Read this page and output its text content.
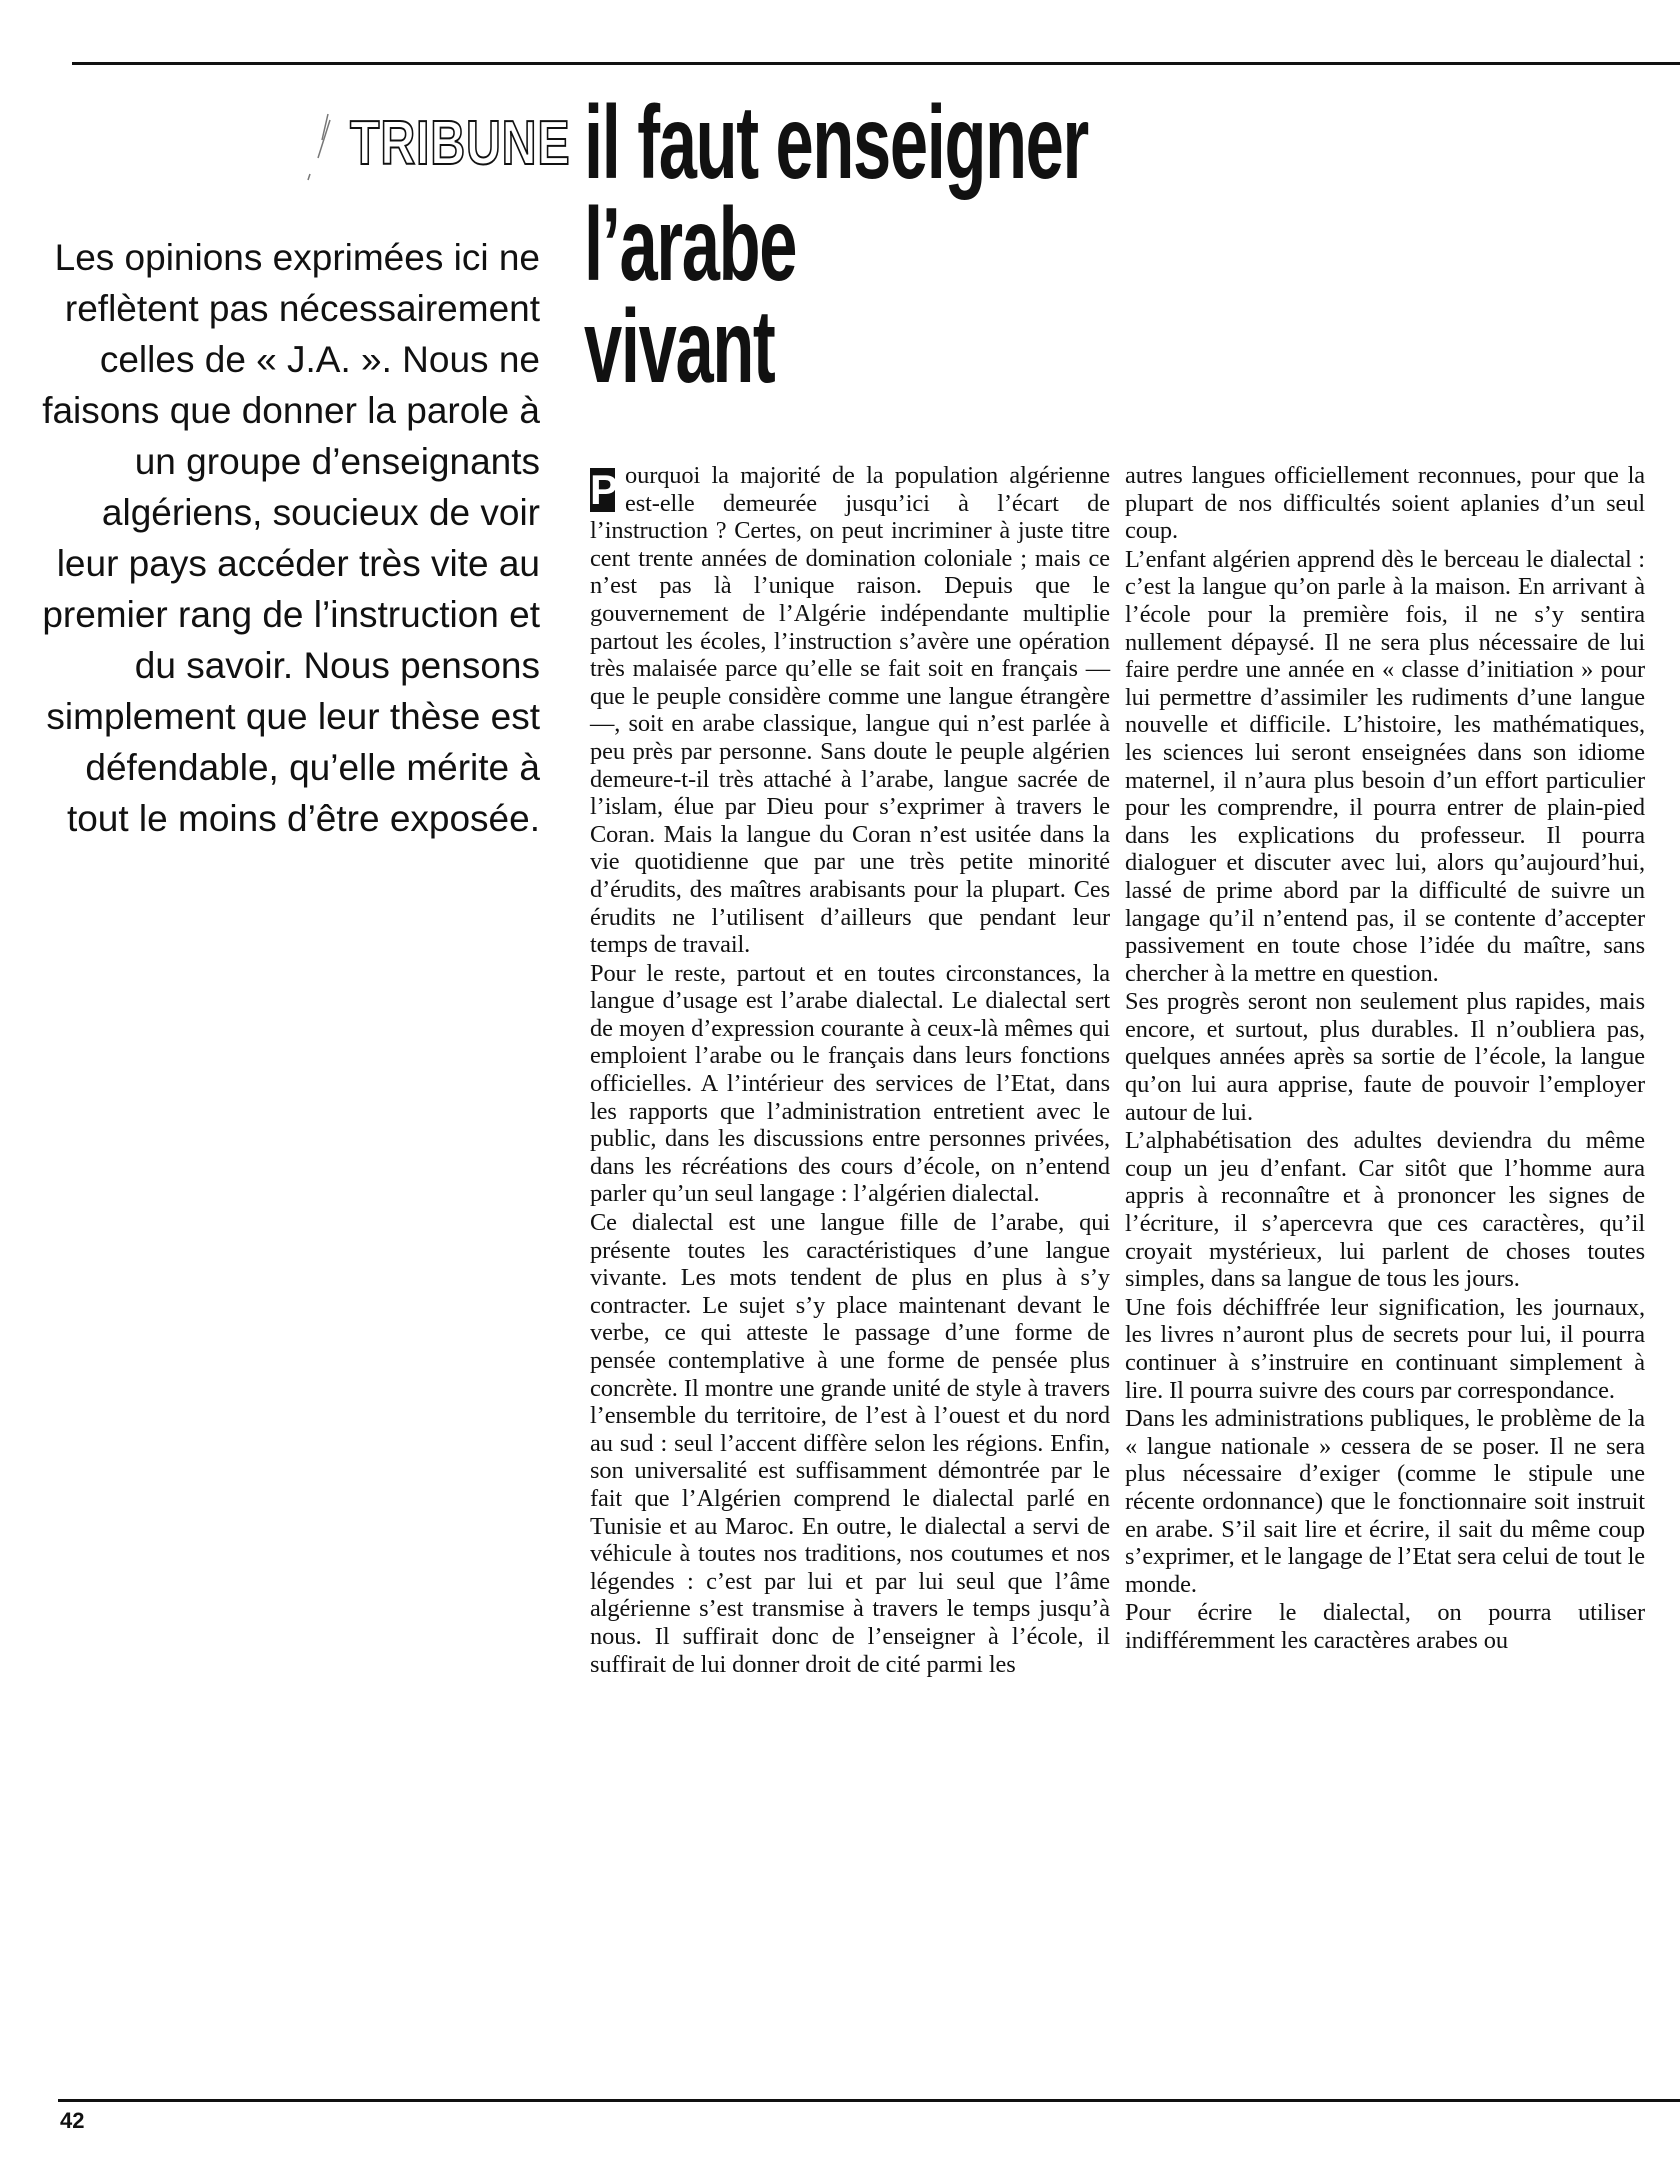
TRIBUNE il faut enseigner
l’arabe
vivant
Les opinions exprimées ici ne reflètent pas nécessairement celles de « J.A. ». Nous ne faisons que donner la parole à un groupe d’enseignants algériens, soucieux de voir leur pays accéder très vite au premier rang de l’instruction et du savoir. Nous pensons simplement que leur thèse est défendable, qu’elle mérite à tout le moins d’être exposée.

P ourquoi la majorité de la population algérienne est-elle demeurée jusqu’ici à l’écart de l’instruction ? Certes, on peut incriminer à juste titre cent trente années de domination coloniale ; mais ce n’est pas là l’unique raison. Depuis que le gouvernement de l’Algérie indépendante multiplie partout les écoles, l’instruction s’avère une opération très malaisée parce qu’elle se fait soit en français — que le peuple considère comme une langue étrangère —, soit en arabe classique, langue qui n’est parlée à peu près par personne. Sans doute le peuple algérien demeure-t-il très attaché à l’arabe, langue sacrée de l’islam, élue par Dieu pour s’exprimer à travers le Coran. Mais la langue du Coran n’est usitée dans la vie quotidienne que par une très petite minorité d’érudits, des maîtres arabisants pour la plupart. Ces érudits ne l’utilisent d’ailleurs que pendant leur temps de travail.

Pour le reste, partout et en toutes circonstances, la langue d’usage est l’arabe dialectal. Le dialectal sert de moyen d’expression courante à ceux-là mêmes qui emploient l’arabe ou le français dans leurs fonctions officielles. A l’intérieur des services de l’Etat, dans les rapports que l’administration entretient avec le public, dans les discussions entre personnes privées, dans les récréations des cours d’école, on n’entend parler qu’un seul langage : l’algérien dialectal.

Ce dialectal est une langue fille de l’arabe, qui présente toutes les caractéristiques d’une langue vivante. Les mots tendent de plus en plus à s’y contracter. Le sujet s’y place maintenant devant le verbe, ce qui atteste le passage d’une forme de pensée contemplative à une forme de pensée plus concrète. Il montre une grande unité de style à travers l’ensemble du territoire, de l’est à l’ouest et du nord au sud : seul l’accent diffère selon les régions. Enfin, son universalité est suffisamment démontrée par le fait que l’Algérien comprend le dialectal parlé en Tunisie et au Maroc. En outre, le dialectal a servi de véhicule à toutes nos traditions, nos coutumes et nos légendes : c’est par lui et par lui seul que l’âme algérienne s’est transmise à travers le temps jusqu’à nous. Il suffirait donc de l’enseigner à l’école, il suffirait de lui donner droit de cité parmi les

autres langues officiellement reconnues, pour que la plupart de nos difficultés soient aplanies d’un seul coup.

L’enfant algérien apprend dès le berceau le dialectal : c’est la langue qu’on parle à la maison. En arrivant à l’école pour la première fois, il ne s’y sentira nullement dépaysé. Il ne sera plus nécessaire de lui faire perdre une année en « classe d’initiation » pour lui permettre d’assimiler les rudiments d’une langue nouvelle et difficile. L’histoire, les mathématiques, les sciences lui seront enseignées dans son idiome maternel, il n’aura plus besoin d’un effort particulier pour les comprendre, il pourra entrer de plain-pied dans les explications du professeur. Il pourra dialoguer et discuter avec lui, alors qu’aujourd’hui, lassé de prime abord par la difficulté de suivre un langage qu’il n’entend pas, il se contente d’accepter passivement en toute chose l’idée du maître, sans chercher à la mettre en question.

Ses progrès seront non seulement plus rapides, mais encore, et surtout, plus durables. Il n’oubliera pas, quelques années après sa sortie de l’école, la langue qu’on lui aura apprise, faute de pouvoir l’employer autour de lui.

L’alphabétisation des adultes deviendra du même coup un jeu d’enfant. Car sitôt que l’homme aura appris à reconnaître et à prononcer les signes de l’écriture, il s’apercevra que ces caractères, qu’il croyait mystérieux, lui parlent de choses toutes simples, dans sa langue de tous les jours.

Une fois déchiffrée leur signification, les journaux, les livres n’auront plus de secrets pour lui, il pourra continuer à s’instruire en continuant simplement à lire. Il pourra suivre des cours par correspondance.

Dans les administrations publiques, le problème de la « langue nationale » cessera de se poser. Il ne sera plus nécessaire d’exiger (comme le stipule une récente ordonnance) que le fonctionnaire soit instruit en arabe. S’il sait lire et écrire, il sait du même coup s’exprimer, et le langage de l’Etat sera celui de tout le monde.

Pour écrire le dialectal, on pourra utiliser indifféremment les caractères arabes ou

42
